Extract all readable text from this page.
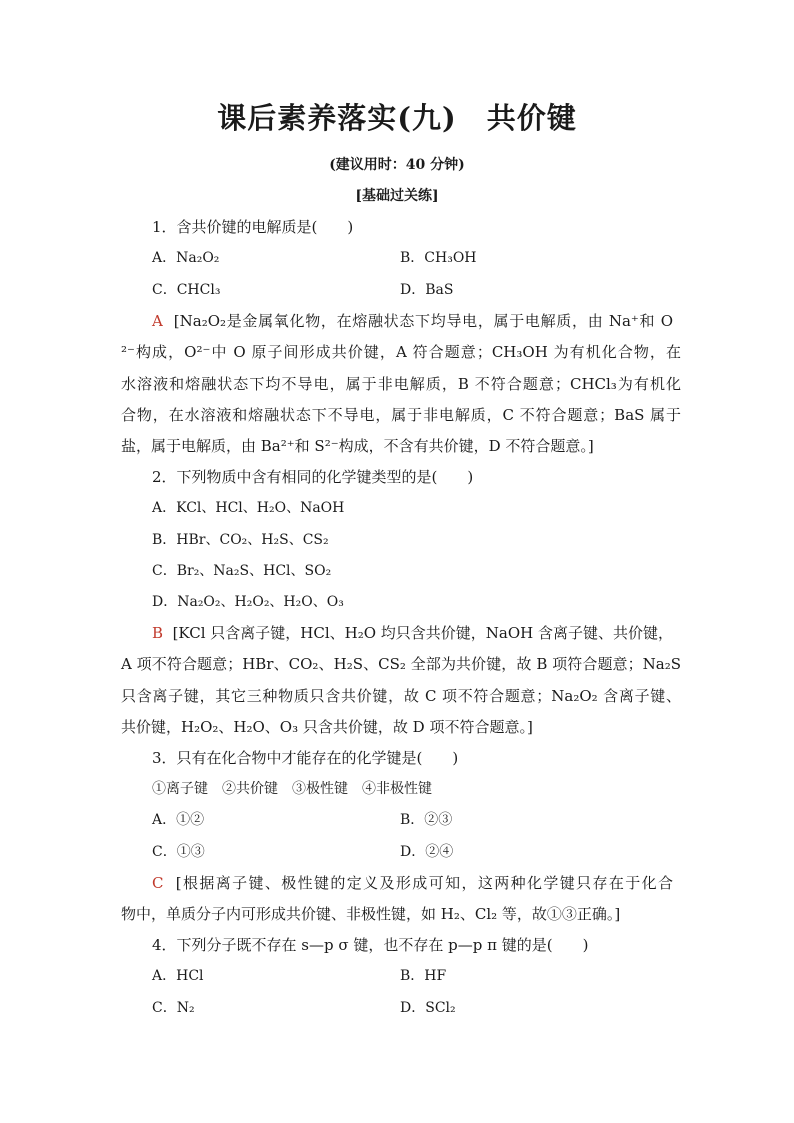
课后素养落实(九) 共价键
(建议用时：40 分钟)
[基础过关练]
1．含共价键的电解质是(　　)
A．Na₂O₂	B．CH₃OH
C．CHCl₃	D．BaS
A [Na₂O₂是金属氧化物，在熔融状态下均导电，属于电解质，由 Na⁺和 O
²⁻构成，O²⁻中 O 原子间形成共价键，A 符合题意；CH₃OH 为有机化合物，在
水溶液和熔融状态下均不导电，属于非电解质，B 不符合题意；CHCl₃为有机化
合物，在水溶液和熔融状态下不导电，属于非电解质，C 不符合题意；BaS 属于
盐，属于电解质，由 Ba²⁺和 S²⁻构成，不含有共价键，D 不符合题意。]
2．下列物质中含有相同的化学键类型的是(　　)
A．KCl、HCl、H₂O、NaOH
B．HBr、CO₂、H₂S、CS₂
C．Br₂、Na₂S、HCl、SO₂
D．Na₂O₂、H₂O₂、H₂O、O₃
B [KCl 只含离子键，HCl、H₂O 均只含共价键，NaOH 含离子键、共价键，
A 项不符合题意；HBr、CO₂、H₂S、CS₂ 全部为共价键，故 B 项符合题意；Na₂S
只含离子键，其它三种物质只含共价键，故 C 项不符合题意；Na₂O₂ 含离子键、
共价键，H₂O₂、H₂O、O₃ 只含共价键，故 D 项不符合题意。]
3．只有在化合物中才能存在的化学键是(　　)
①离子键　②共价键　③极性键　④非极性键
A．①②	B．②③
C．①③	D．②④
C [根据离子键、极性键的定义及形成可知，这两种化学键只存在于化合
物中，单质分子内可形成共价键、非极性键，如 H₂、Cl₂ 等，故①③正确。]
4．下列分子既不存在 s—p σ 键，也不存在 p—p π 键的是(　　)
A．HCl	B．HF
C．N₂	D．SCl₂
